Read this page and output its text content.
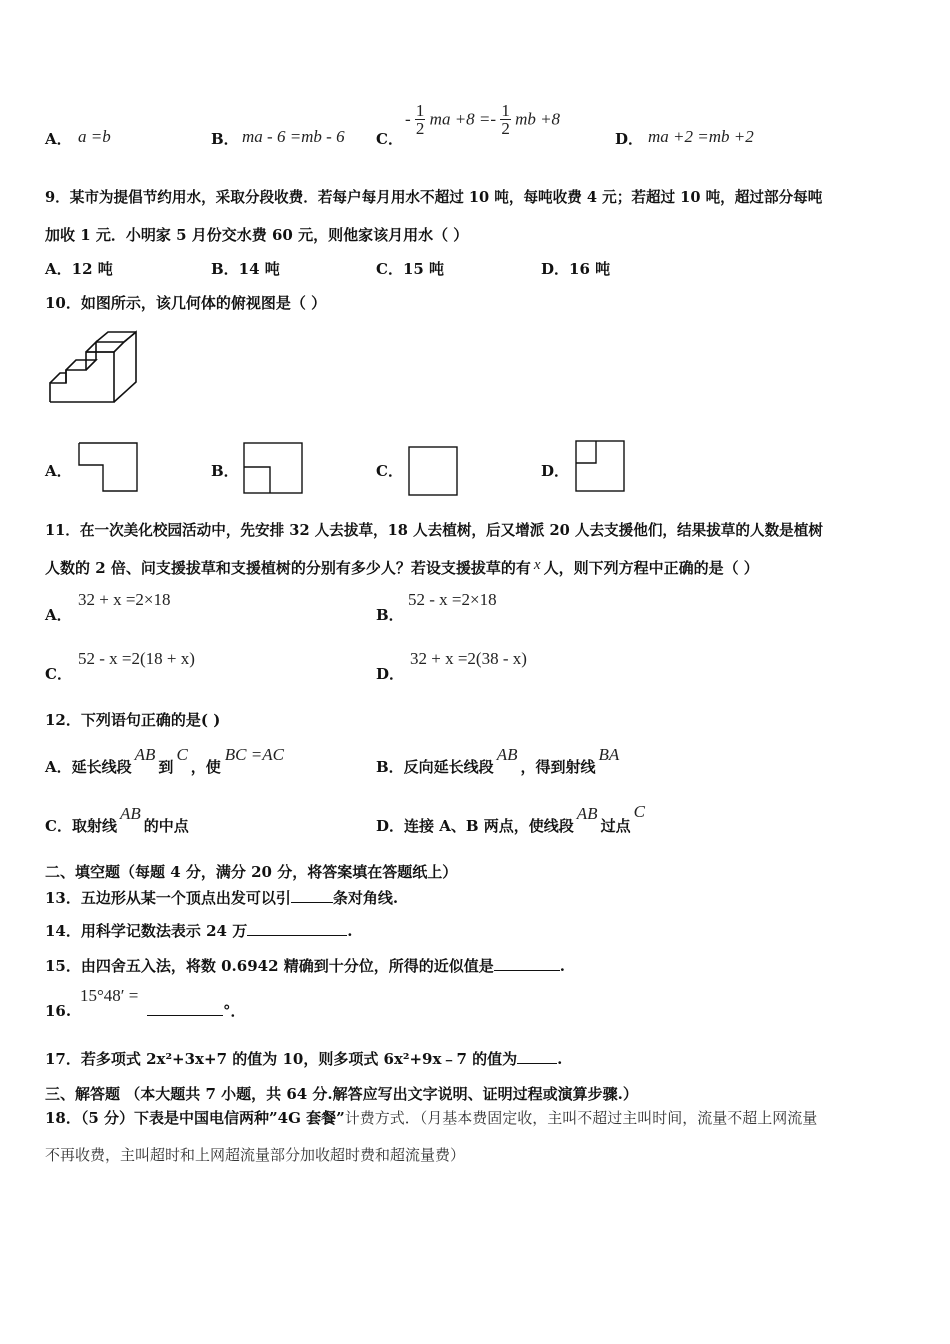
A． a =b	B． ma - 6 =mb - 6 C．
- $\frac{1}{2}$ ma $+8 =- \frac{1}{2}$ mb +8
D． ma +2 =mb +2
9．某市为提倡节约用水，采取分段收费．若每户每月用水不超过 10 吨，每吨收费 4 元；若超过 10 吨，超过部分每吨
加收 1 元．小明家 5 月份交水费 60 元，则他家该月用水（ ）
A．12 吨	B．14 吨	C．15 吨	D．16 吨
10．如图所示，该几何体的俯视图是（ ）
A．	B．	C．	D．
11．在一次美化校园活动中，先安排 32 人去拔草，18 人去植树，后又增派 20 人去支援他们，结果拔草的人数是植树
人数的 2 倍、问支援拔草和支援植树的分别有多少人？若设支援拔草的有 x 人，则下列方程中正确的是（ ）
A．
32 + x =2×18
B．
52 - x =2×18
C．
52 - x =2(18 + x)
D．
32 + x =2(38 - x)
12．下列语句正确的是( )
A．延长线段AB到C，使BC =AC
B．反向延长线段AB，得到射线BA
C．取射线AB的中点	D．连接 A、B 两点，使线段AB过点C
二、填空题（每题 4 分，满分 20 分，将答案填在答题纸上）
13．五边形从某一个顶点出发可以引	条对角线.
14．用科学记数法表示 24 万	.
15．由四舍五入法，将数 0.6942 精确到十分位，所得的近似值是	.
16.
15°48′ =
°．
17．若多项式 2x²+3x+7 的值为 10，则多项式 6x²+9x﹣7 的值为	.
三、解答题 （本大题共 7 小题，共 64 分.解答应写出文字说明、证明过程或演算步骤.）
18．（5 分）下表是中国电信两种”4G 套餐”计费方式．（月基本费固定收，主叫不超过主叫时间，流量不超上网流量
不再收费，主叫超时和上网超流量部分加收超时费和超流量费）
